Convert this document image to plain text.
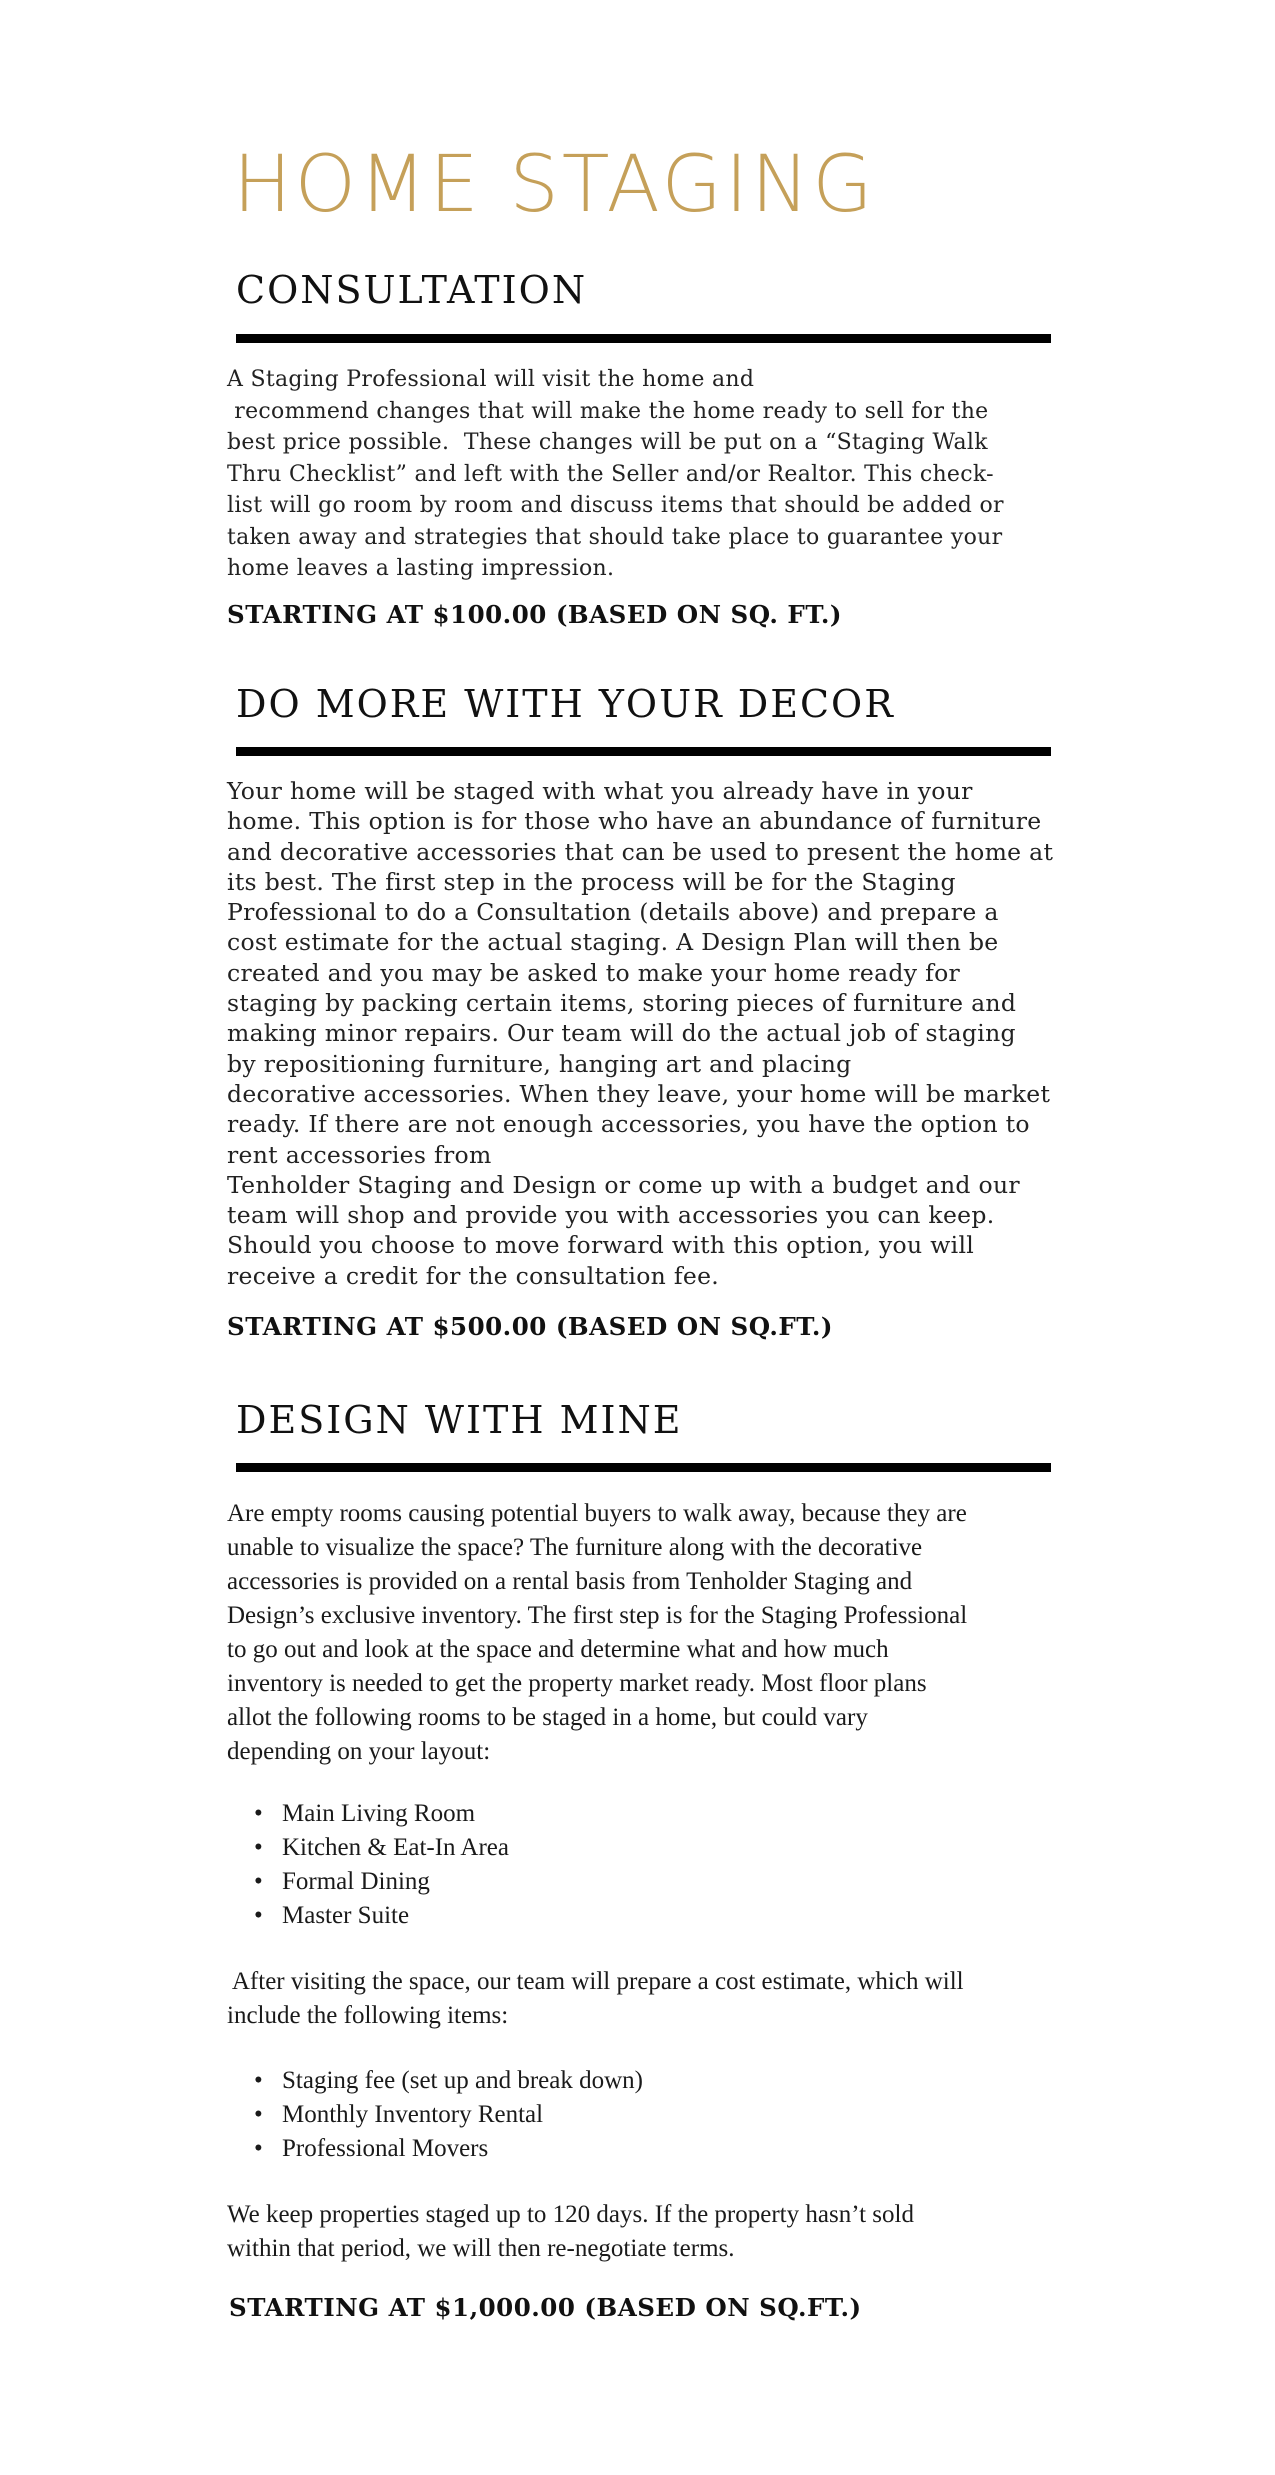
HOME STAGING
CONSULTATION
A Staging Professional will visit the home and
recommend changes that will make the home ready to sell for the
best price possible.  These changes will be put on a “Staging Walk
Thru Checklist” and left with the Seller and/or Realtor. This check-
list will go room by room and discuss items that should be added or
taken away and strategies that should take place to guarantee your
home leaves a lasting impression.
STARTING AT $100.00 (BASED ON SQ. FT.)
DO MORE WITH YOUR DECOR
Your home will be staged with what you already have in your
home. This option is for those who have an abundance of furniture
and decorative accessories that can be used to present the home at
its best. The first step in the process will be for the Staging
Professional to do a Consultation (details above) and prepare a
cost estimate for the actual staging. A Design Plan will then be
created and you may be asked to make your home ready for
staging by packing certain items, storing pieces of furniture and
making minor repairs. Our team will do the actual job of staging
by repositioning furniture, hanging art and placing
decorative accessories. When they leave, your home will be market
ready. If there are not enough accessories, you have the option to
rent accessories from
Tenholder Staging and Design or come up with a budget and our
team will shop and provide you with accessories you can keep.
Should you choose to move forward with this option, you will
receive a credit for the consultation fee.
STARTING AT $500.00 (BASED ON SQ.FT.)
DESIGN WITH MINE
Are empty rooms causing potential buyers to walk away, because they are
unable to visualize the space? The furniture along with the decorative
accessories is provided on a rental basis from Tenholder Staging and
Design’s exclusive inventory. The first step is for the Staging Professional
to go out and look at the space and determine what and how much
inventory is needed to get the property market ready. Most floor plans
allot the following rooms to be staged in a home, but could vary
depending on your layout:
• Main Living Room
• Kitchen & Eat-In Area
• Formal Dining
• Master Suite
After visiting the space, our team will prepare a cost estimate, which will
include the following items:
• Staging fee (set up and break down)
• Monthly Inventory Rental
• Professional Movers
We keep properties staged up to 120 days. If the property hasn’t sold
within that period, we will then re-negotiate terms.
STARTING AT $1,000.00 (BASED ON SQ.FT.)
